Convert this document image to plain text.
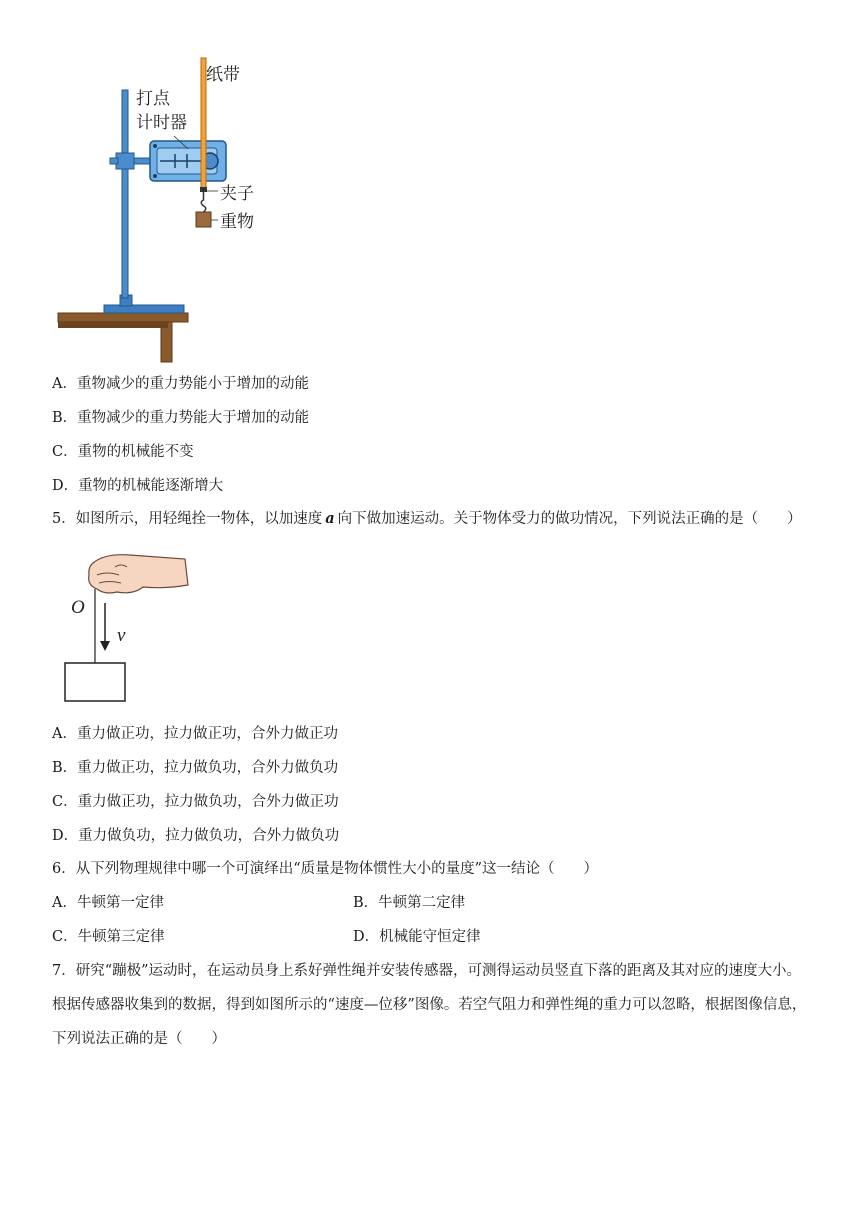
纸带
打点
计时器
夹子
重物
A．重物减少的重力势能小于增加的动能
B．重物减少的重力势能大于增加的动能
C．重物的机械能不变
D．重物的机械能逐渐增大
5．如图所示，用轻绳拴一物体，以加速度 a 向下做加速运动。关于物体受力的做功情况，下列说法正确的是（　　）
O
v
A．重力做正功，拉力做正功，合外力做正功
B．重力做正功，拉力做负功，合外力做负功
C．重力做正功，拉力做负功，合外力做正功
D．重力做负功，拉力做负功，合外力做负功
6．从下列物理规律中哪一个可演绎出“质量是物体惯性大小的量度”这一结论（　　）
A．牛顿第一定律	B．牛顿第二定律
C．牛顿第三定律	D．机械能守恒定律
7．研究“蹦极”运动时，在运动员身上系好弹性绳并安装传感器，可测得运动员竖直下落的距离及其对应的速度大小。根据传感器收集到的数据，得到如图所示的“速度—位移”图像。若空气阻力和弹性绳的重力可以忽略，根据图像信息，下列说法正确的是（　　）
